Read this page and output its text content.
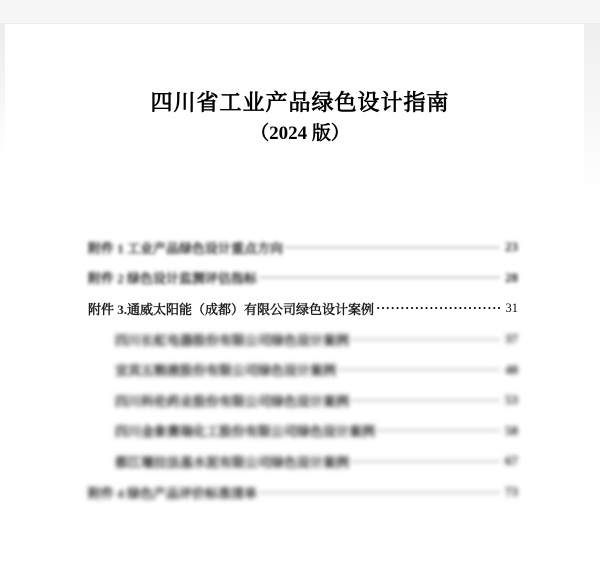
四川省工业产品绿色设计指南
（2024 版）
附件 1 工业产品绿色设计重点方向	23
附件 2 绿色设计监测评估指标	28
附件 3.通威太阳能（成都）有限公司绿色设计案例 ·····	31
四川长虹电器股份有限公司绿色设计案例	37
宜宾五粮液股份有限公司绿色设计案例	48
四川科伦药业股份有限公司绿色设计案例	53
四川金象赛瑞化工股份有限公司绿色设计案例	58
都江堰拉法基水泥有限公司绿色设计案例	67
附件 4 绿色产品评价标准清单	73
